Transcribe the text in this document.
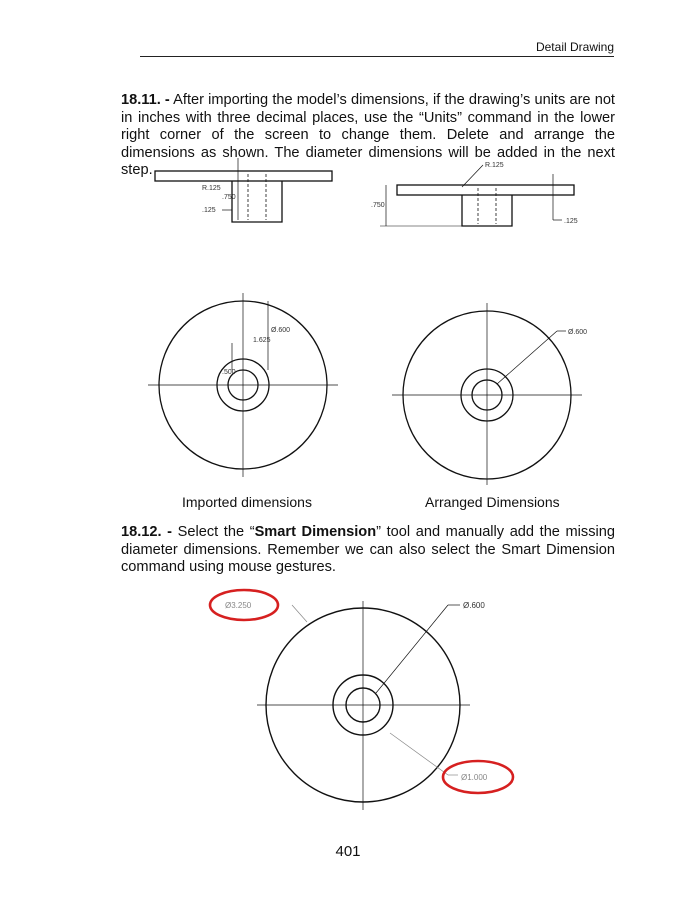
Detail Drawing

18.11. - After importing the model’s dimensions, if the drawing’s units are not in inches with three decimal places, use the “Units” command in the lower right corner of the screen to change them. Delete and arrange the dimensions as shown. The diameter dimensions will be added in the next step.

R.125
.750
.125
R.125
.750
.125
Ø.600
1.625
.500
Ø.600
Imported dimensions	Arranged Dimensions

18.12. - Select the “Smart Dimension” tool and manually add the missing diameter dimensions. Remember we can also select the Smart Dimension command using mouse gestures.

Ø3.250	Ø.600
Ø1.000
401
